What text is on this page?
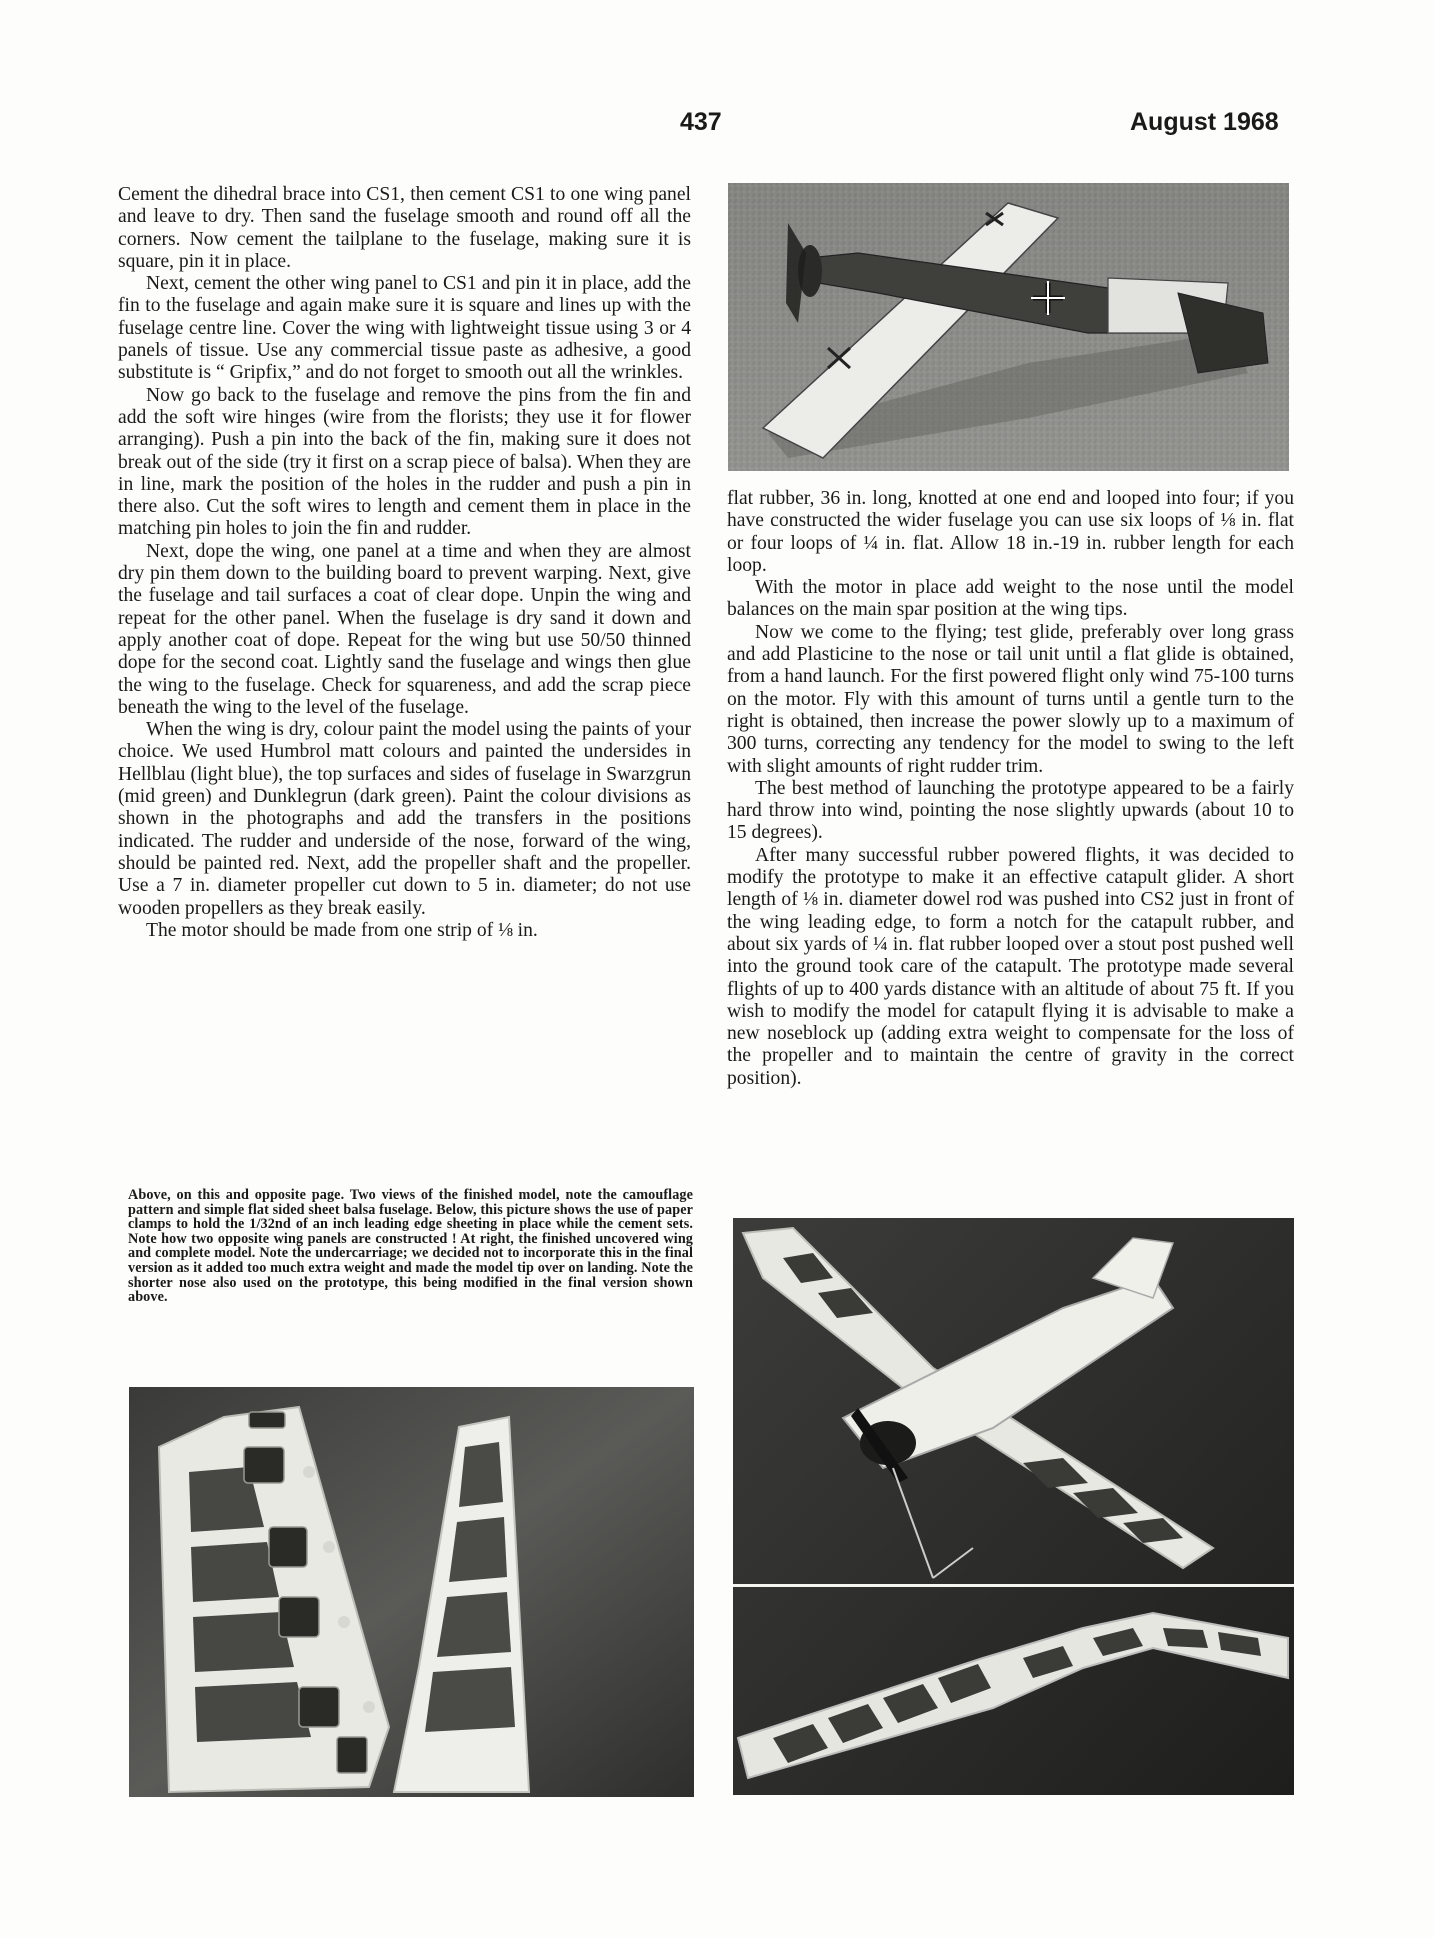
437	August 1968

Cement the dihedral brace into CS1, then cement CS1 to one wing panel and leave to dry. Then sand the fuselage smooth and round off all the corners. Now cement the tailplane to the fuselage, making sure it is square, pin it in place.

Next, cement the other wing panel to CS1 and pin it in place, add the fin to the fuselage and again make sure it is square and lines up with the fuselage centre line. Cover the wing with lightweight tissue using 3 or 4 panels of tissue. Use any commercial tissue paste as adhesive, a good substitute is “ Gripfix,” and do not forget to smooth out all the wrinkles.

Now go back to the fuselage and remove the pins from the fin and add the soft wire hinges (wire from the florists; they use it for flower arranging). Push a pin into the back of the fin, making sure it does not break out of the side (try it first on a scrap piece of balsa). When they are in line, mark the position of the holes in the rudder and push a pin in there also. Cut the soft wires to length and cement them in place in the matching pin holes to join the fin and rudder.

Next, dope the wing, one panel at a time and when they are almost dry pin them down to the building board to prevent warping. Next, give the fuselage and tail surfaces a coat of clear dope. Unpin the wing and repeat for the other panel. When the fuselage is dry sand it down and apply another coat of dope. Repeat for the wing but use 50/50 thinned dope for the second coat. Lightly sand the fuselage and wings then glue the wing to the fuselage. Check for squareness, and add the scrap piece beneath the wing to the level of the fuselage.

When the wing is dry, colour paint the model using the paints of your choice. We used Humbrol matt colours and painted the undersides in Hellblau (light blue), the top surfaces and sides of fuselage in Swarzgrun (mid green) and Dunklegrun (dark green). Paint the colour divisions as shown in the photographs and add the transfers in the positions indicated. The rudder and underside of the nose, forward of the wing, should be painted red. Next, add the propeller shaft and the propeller. Use a 7 in. diameter propeller cut down to 5 in. diameter; do not use wooden propellers as they break easily.

The motor should be made from one strip of ⅛ in.

flat rubber, 36 in. long, knotted at one end and looped into four; if you have constructed the wider fuselage you can use six loops of ⅛ in. flat or four loops of ¼ in. flat. Allow 18 in.-19 in. rubber length for each loop.

With the motor in place add weight to the nose until the model balances on the main spar position at the wing tips.

Now we come to the flying; test glide, preferably over long grass and add Plasticine to the nose or tail unit until a flat glide is obtained, from a hand launch. For the first powered flight only wind 75-100 turns on the motor. Fly with this amount of turns until a gentle turn to the right is obtained, then increase the power slowly up to a maximum of 300 turns, correcting any tendency for the model to swing to the left with slight amounts of right rudder trim.

The best method of launching the prototype appeared to be a fairly hard throw into wind, pointing the nose slightly upwards (about 10 to 15 degrees).

After many successful rubber powered flights, it was decided to modify the prototype to make it an effective catapult glider. A short length of ⅛ in. diameter dowel rod was pushed into CS2 just in front of the wing leading edge, to form a notch for the catapult rubber, and about six yards of ¼ in. flat rubber looped over a stout post pushed well into the ground took care of the catapult. The prototype made several flights of up to 400 yards distance with an altitude of about 75 ft. If you wish to modify the model for catapult flying it is advisable to make a new noseblock up (adding extra weight to compensate for the loss of the propeller and to maintain the centre of gravity in the correct position).

Above, on this and opposite page. Two views of the finished model, note the camouflage pattern and simple flat sided sheet balsa fuselage. Below, this picture shows the use of paper clamps to hold the 1/32nd of an inch leading edge sheeting in place while the cement sets. Note how two opposite wing panels are constructed ! At right, the finished uncovered wing and complete model. Note the undercarriage; we decided not to incorporate this in the final version as it added too much extra weight and made the model tip over on landing. Note the shorter nose also used on the prototype, this being modified in the final version shown above.
